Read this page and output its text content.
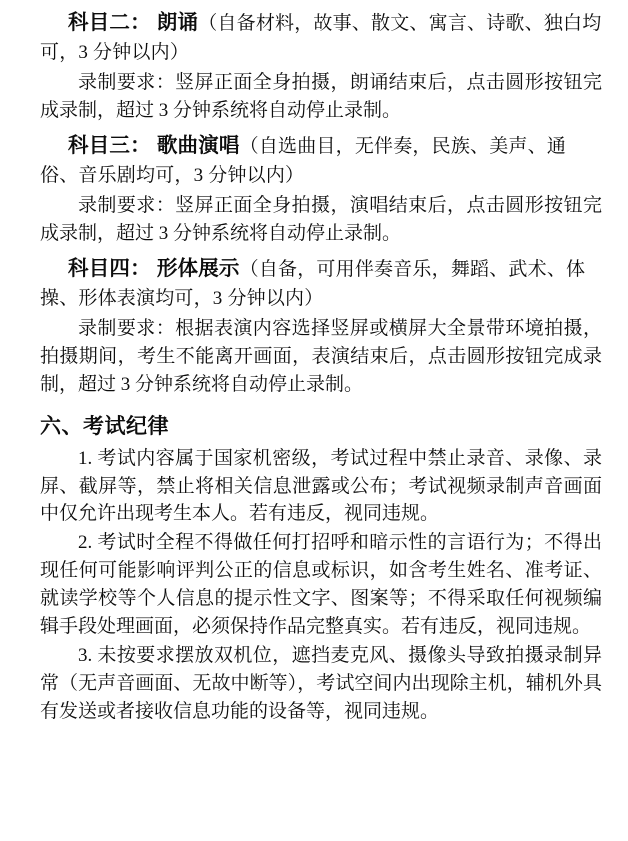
科目二： 朗诵（自备材料，故事、散文、寓言、诗歌、独白均可，3 分钟以内）
录制要求：竖屏正面全身拍摄，朗诵结束后，点击圆形按钮完成录制，超过 3 分钟系统将自动停止录制。
科目三： 歌曲演唱（自选曲目，无伴奏，民族、美声、通俗、音乐剧均可，3 分钟以内）
录制要求：竖屏正面全身拍摄，演唱结束后，点击圆形按钮完成录制，超过 3 分钟系统将自动停止录制。
科目四： 形体展示（自备，可用伴奏音乐，舞蹈、武术、体操、形体表演均可，3 分钟以内）
录制要求：根据表演内容选择竖屏或横屏大全景带环境拍摄，拍摄期间，考生不能离开画面，表演结束后，点击圆形按钮完成录制，超过 3 分钟系统将自动停止录制。
六、考试纪律
1. 考试内容属于国家机密级，考试过程中禁止录音、录像、录屏、截屏等，禁止将相关信息泄露或公布；考试视频录制声音画面中仅允许出现考生本人。若有违反，视同违规。
2. 考试时全程不得做任何打招呼和暗示性的言语行为；不得出现任何可能影响评判公正的信息或标识，如含考生姓名、准考证、就读学校等个人信息的提示性文字、图案等；不得采取任何视频编辑手段处理画面，必须保持作品完整真实。若有违反，视同违规。
3. 未按要求摆放双机位，遮挡麦克风、摄像头导致拍摄录制异常（无声音画面、无故中断等），考试空间内出现除主机，辅机外具有发送或者接收信息功能的设备等，视同违规。
